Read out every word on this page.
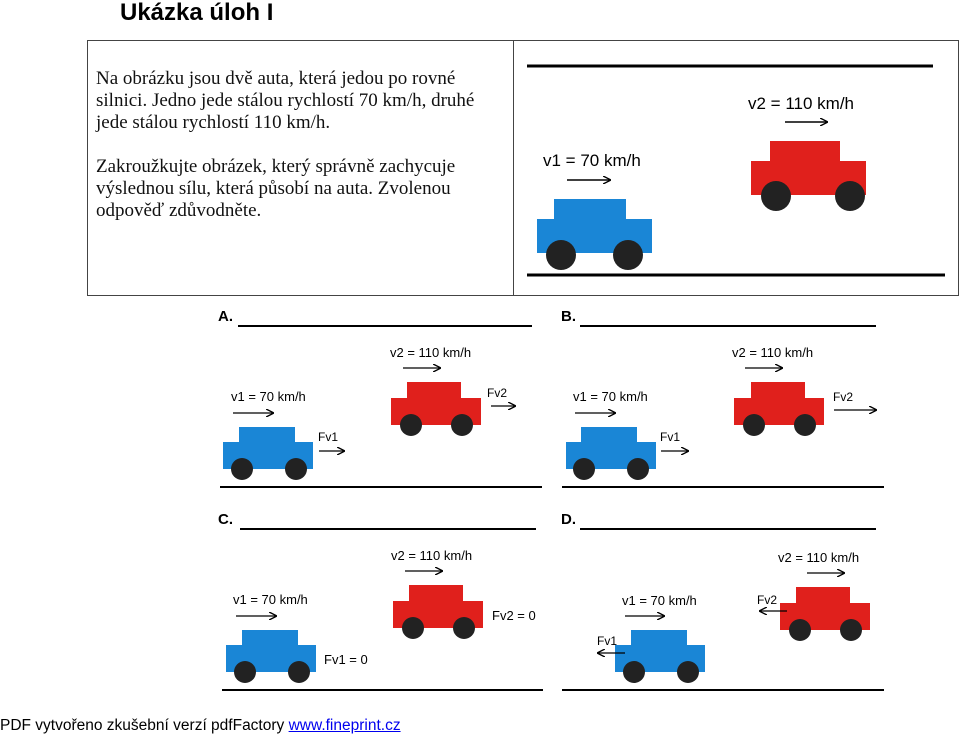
Ukázka úloh I

Na obrázku jsou dvě auta, která jedou po rovné silnici. Jedno jede stálou rychlostí 70 km/h, druhé jede stálou rychlostí 110 km/h.

Zakroužkujte obrázek, který správně zachycuje výslednou sílu, která působí na auta. Zvolenou odpověď zdůvodněte.

v2 = 110 km/h
v1 = 70 km/h
A.
v2 = 110 km/h
Fv2
v1 = 70 km/h
Fv1
B.
v2 = 110 km/h
Fv2
v1 = 70 km/h
Fv1
C.
v2 = 110 km/h
Fv2 = 0
v1 = 70 km/h
Fv1 = 0
D.
v2 = 110 km/h
Fv2
v1 = 70 km/h
Fv1
PDF vytvořeno zkušební verzí pdfFactory www.fineprint.cz
